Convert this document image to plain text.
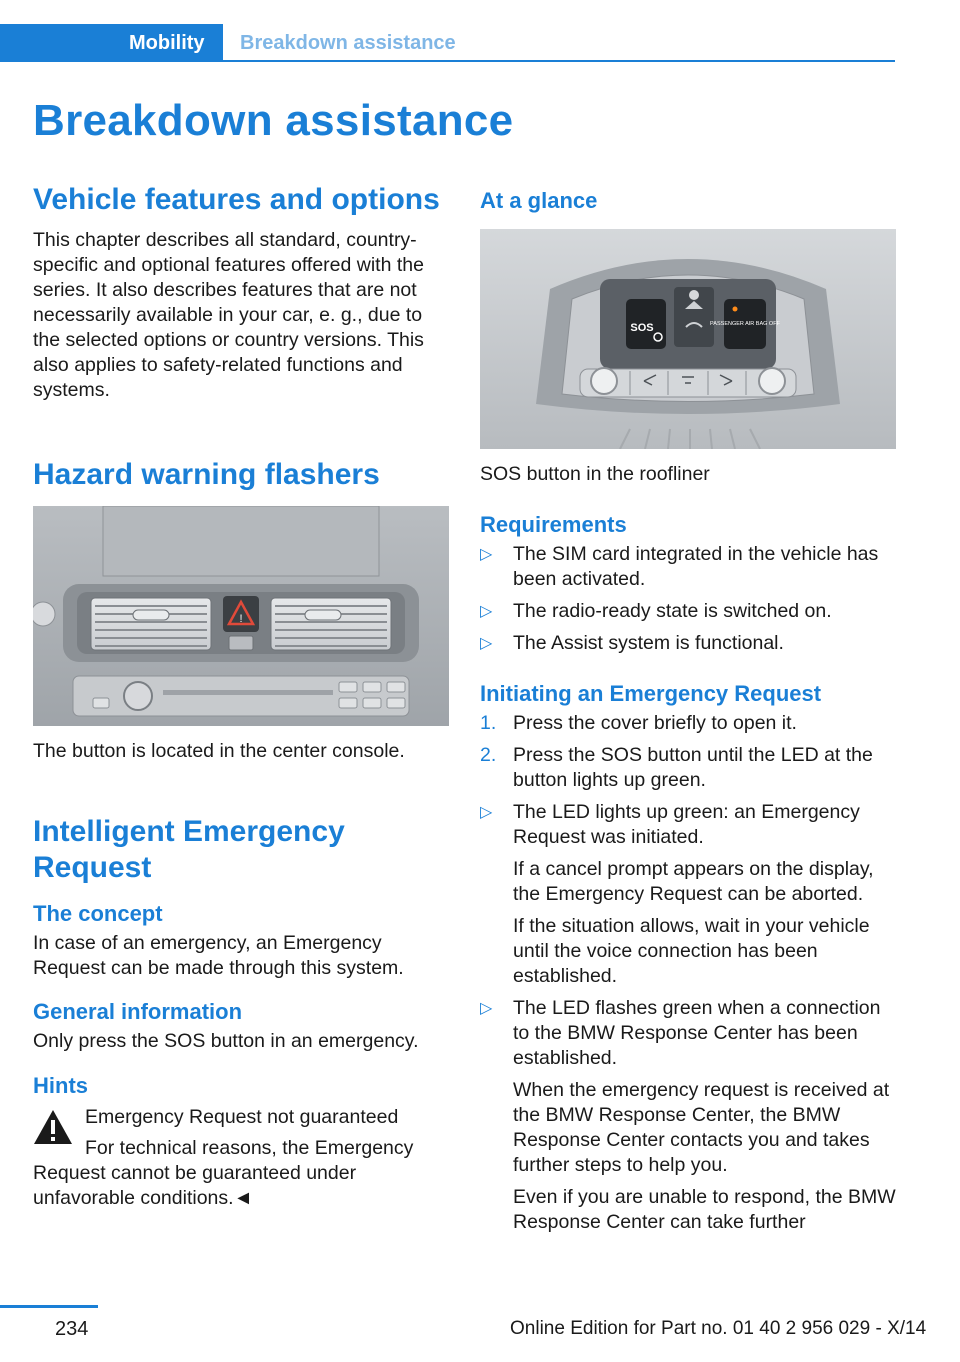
Mobility	Breakdown assistance
Breakdown assistance
Vehicle features and options

This chapter describes all standard, country-specific and optional features offered with the series. It also describes features that are not necessarily available in your car, e. g., due to the selected options or country versions. This also applies to safety-related functions and systems.

Hazard warning flashers
!

The button is located in the center console.

Intelligent Emergency Request
The concept

In case of an emergency, an Emergency Request can be made through this system.

General information

Only press the SOS button in an emergency.

Hints

Emergency Request not guaranteed

For technical reasons, the Emergency Request cannot be guaranteed under unfavorable conditions.◄

At a glance
SOS	PASSENGER AIR BAG OFF

SOS button in the roofliner

Requirements
▷ The SIM card integrated in the vehicle has been activated.
▷ The radio-ready state is switched on.
▷ The Assist system is functional.
Initiating an Emergency Request
1. Press the cover briefly to open it.
2. Press the SOS button until the LED at the button lights up green.
▷ The LED lights up green: an Emergency Request was initiated.
If a cancel prompt appears on the display, the Emergency Request can be aborted.
If the situation allows, wait in your vehicle until the voice connection has been established.
▷ The LED flashes green when a connection to the BMW Response Center has been established.
When the emergency request is received at the BMW Response Center, the BMW Response Center contacts you and takes further steps to help you.
Even if you are unable to respond, the BMW Response Center can take further
234	Online Edition for Part no. 01 40 2 956 029 - X/14
